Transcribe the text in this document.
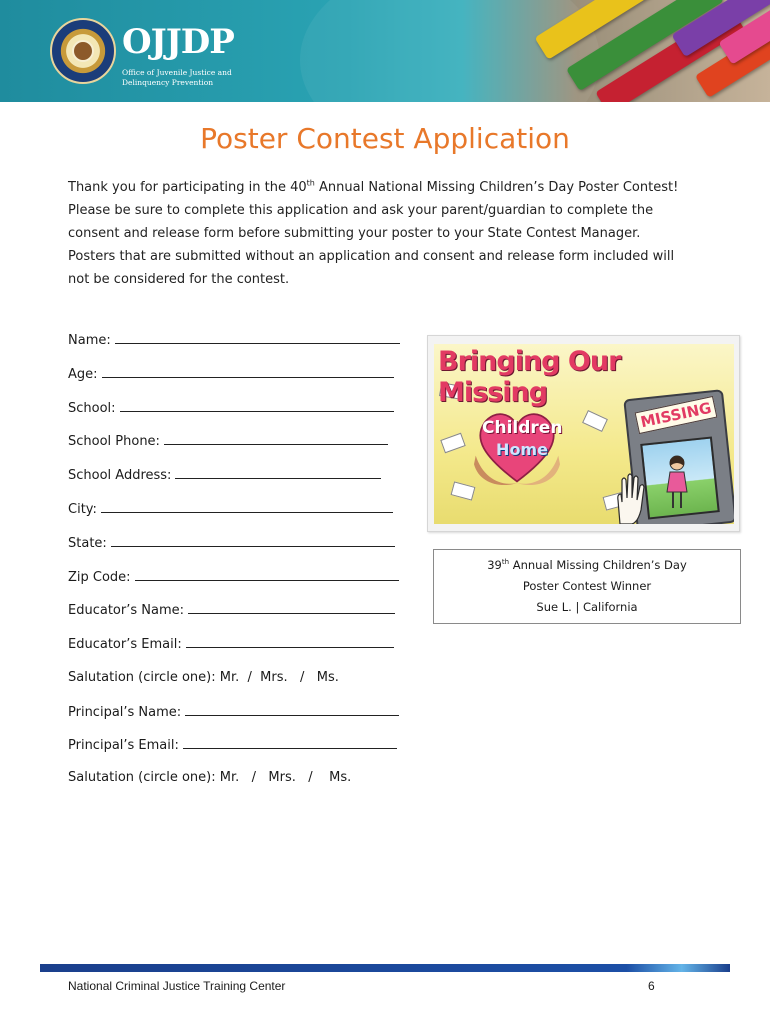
OJJDP
Office of Juvenile Justice and Delinquency Prevention
Poster Contest Application
Thank you for participating in the 40th Annual National Missing Children’s Day Poster Contest! Please be sure to complete this application and ask your parent/guardian to complete the consent and release form before submitting your poster to your State Contest Manager. Posters that are submitted without an application and consent and release form included will not be considered for the contest.
Name:
Age:
School:
School Phone:
School Address:
City:
State:
Zip Code:
Educator’s Name:
Educator’s Email:
Salutation (circle one): Mr.  /  Mrs.   /   Ms.
Principal’s Name:
Principal’s Email:
Salutation (circle one): Mr.   /   Mrs.   /    Ms.
Bringing Our Missing
Children
Home
MISSING
39th Annual Missing Children’s Day
Poster Contest Winner
Sue L. | California
National Criminal Justice Training Center	6
